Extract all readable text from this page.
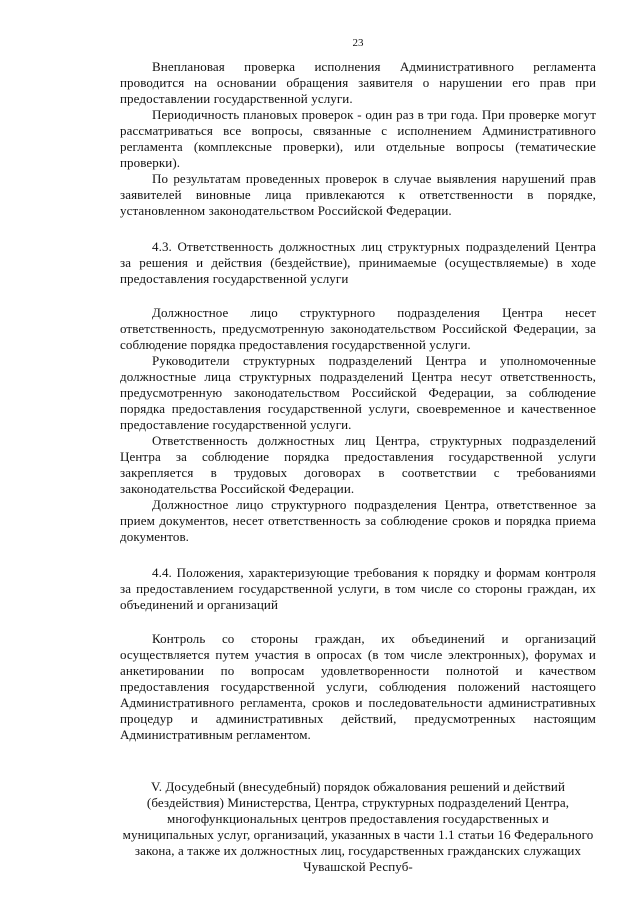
23

Внеплановая проверка исполнения Административного регламента проводится на основании обращения заявителя о нарушении его прав при предоставлении государственной услуги.

Периодичность плановых проверок - один раз в три года. При проверке могут рассматриваться все вопросы, связанные с исполнением Административного регламента (комплексные проверки), или отдельные вопросы (тематические проверки).

По результатам проведенных проверок в случае выявления нарушений прав заявителей виновные лица привлекаются к ответственности в порядке, установленном законодательством Российской Федерации.

4.3. Ответственность должностных лиц структурных подразделений Центра за решения и действия (бездействие), принимаемые (осуществляемые) в ходе предоставления государственной услуги

Должностное лицо структурного подразделения Центра несет ответственность, предусмотренную законодательством Российской Федерации, за соблюдение порядка предоставления государственной услуги.

Руководители структурных подразделений Центра и уполномоченные должностные лица структурных подразделений Центра несут ответственность, предусмотренную законодательством Российской Федерации, за соблюдение порядка предоставления государственной услуги, своевременное и качественное предоставление государственной услуги.

Ответственность должностных лиц Центра, структурных подразделений Центра за соблюдение порядка предоставления государственной услуги закрепляется в трудовых договорах в соответствии с требованиями законодательства Российской Федерации.

Должностное лицо структурного подразделения Центра, ответственное за прием документов, несет ответственность за соблюдение сроков и порядка приема документов.

4.4. Положения, характеризующие требования к порядку и формам контроля за предоставлением государственной услуги, в том числе со стороны граждан, их объединений и организаций

Контроль со стороны граждан, их объединений и организаций осуществляется путем участия в опросах (в том числе электронных), форумах и анкетировании по вопросам удовлетворенности полнотой и качеством предоставления государственной услуги, соблюдения положений настоящего Административного регламента, сроков и последовательности административных процедур и административных действий, предусмотренных настоящим Административным регламентом.

V. Досудебный (внесудебный) порядок обжалования решений и действий (бездействия) Министерства, Центра, структурных подразделений Центра, многофункциональных центров предоставления государственных и муниципальных услуг, организаций, указанных в части 1.1 статьи 16 Федерального закона, а также их должностных лиц, государственных гражданских служащих Чувашской Респуб-
